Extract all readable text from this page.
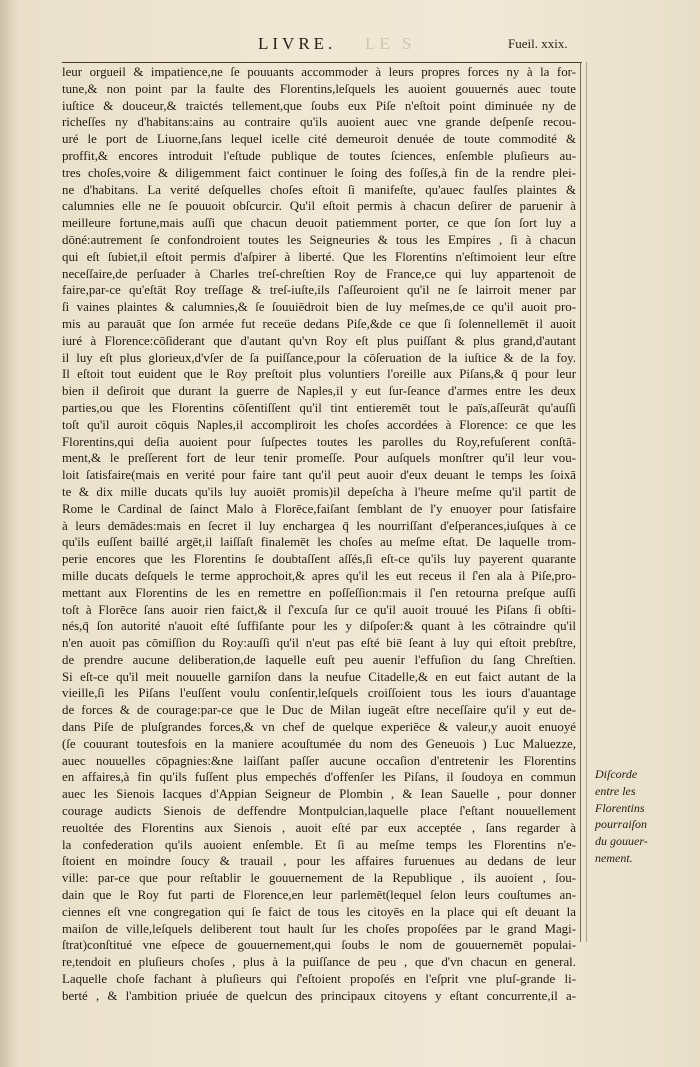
LIVRE. LE S	Fueil. xxix.
leur orgueil & impatience,ne ſe pouuants accommoder à leurs propres forces ny à la for-
tune,& non point par la faulte des Florentins,leſquels les auoient gouuernés auec toute
iuſtice & douceur,& traictés tellement,que ſoubs eux Piſe n'eſtoit point diminuée ny de
richeſſes ny d'habitans:ains au contraire qu'ils auoient auec vne grande deſpenſe recou-
uré le port de Liuorne,ſans lequel icelle cité demeuroit denuée de toute commodité &
proffit,& encores introduit l'eſtude publique de toutes ſciences, enſemble pluſieurs au-
tres choſes,voire & diligemment faict continuer le ſoing des foſſes,à fin de la rendre plei-
ne d'habitans. La verité deſquelles choſes eſtoit ſi manifeſte, qu'auec faulſes plaintes &
calumnies elle ne ſe pouuoit obſcurcir. Qu'il eſtoit permis à chacun deſirer de paruenir à
meilleure fortune,mais auſſi que chacun deuoit patiemment porter, ce que ſon ſort luy a
dōné:autrement ſe confondroient toutes les Seigneuries & tous les Empires , ſi à chacun
qui eſt ſubiet,il eſtoit permis d'aſpirer à liberté. Que les Florentins n'eſtimoient leur eſtre
neceſſaire,de perſuader à Charles treſ-chreſtien Roy de France,ce qui luy appartenoit de
faire,par-ce qu'eſtāt Roy treſſage & treſ-iuſte,ils ſ'aſſeuroient qu'il ne ſe lairroit mener par
ſi vaines plaintes & calumnies,& ſe ſouuiēdroit bien de luy meſmes,de ce qu'il auoit pro-
mis au parauāt que ſon armée fut receüe dedans Piſe,&de ce que ſi ſolennellemēt il auoit
iuré à Florence:cōſiderant que d'autant qu'vn Roy eſt plus puiſſant & plus grand,d'autant
il luy eſt plus glorieux,d'vſer de ſa puiſſance,pour la cōſeruation de la iuſtice & de la foy.
Il eſtoit tout euident que le Roy preſtoit plus voluntiers l'oreille aux Piſans,& q̄ pour leur
bien il deſiroit que durant la guerre de Naples,il y eut ſur-ſeance d'armes entre les deux
parties,ou que les Florentins cōſentiſſent qu'il tint entieremēt tout le païs,aſſeurāt qu'auſſi
toſt qu'il auroit cōquis Naples,il accompliroit les choſes accordées à Florence: ce que les
Florentins,qui deſia auoient pour ſuſpectes toutes les parolles du Roy,refuſerent conſtā-
ment,& le preſſerent fort de leur tenir promeſſe. Pour auſquels monſtrer qu'il leur vou-
loit ſatisfaire(mais en verité pour faire tant qu'il peut auoir d'eux deuant le temps les ſoixā
te & dix mille ducats qu'ils luy auoiēt promis)il depeſcha à l'heure meſme qu'il partit de
Rome le Cardinal de ſainct Malo à Florēce,faiſant ſemblant de l'y enuoyer pour ſatisfaire
à leurs demādes:mais en ſecret il luy enchargea q̄ les nourriſſant d'eſperances,iuſques à ce
qu'ils euſſent baillé argēt,il laiſſaſt finalemēt les choſes au meſme eſtat. De laquelle trom-
perie encores que les Florentins ſe doubtaſſent aſſés,ſi eſt-ce qu'ils luy payerent quarante
mille ducats deſquels le terme approchoit,& apres qu'il les eut receus il ſ'en ala à Piſe,pro-
mettant aux Florentins de les en remettre en poſſeſſion:mais il ſ'en retourna preſque auſſi
toſt à Florēce ſans auoir rien faict,& il ſ'excuſa ſur ce qu'il auoit trouué les Piſans ſi obſti-
nés,q̄ ſon autorité n'auoit eſté ſuffiſante pour les y diſpoſer:& quant à les cōtraindre qu'il
n'en auoit pas cōmiſſion du Roy:auſſi qu'il n'eut pas eſté biē ſeant à luy qui eſtoit prebſtre,
de prendre aucune deliberation,de laquelle euſt peu auenir l'effuſion du ſang Chreſtien.
Si eſt-ce qu'il meit nouuelle garniſon dans la neufue Citadelle,& en eut faict autant de la
vieille,ſi les Piſans l'euſſent voulu conſentir,leſquels croiſſoient tous les iours d'auantage
de forces & de courage:par-ce que le Duc de Milan iugeāt eſtre neceſſaire qu'il y eut de-
dans Piſe de pluſgrandes forces,& vn chef de quelque experiēce & valeur,y auoit enuoyé
(ſe couurant toutesfois en la maniere acouſtumée du nom des Geneuois ) Luc Maluezze,
auec nouuelles cōpagnies:&ne laiſſant paſſer aucune occaſion d'entretenir les Florentins
en affaires,à fin qu'ils fuſſent plus empechés d'offenſer les Piſans, il ſoudoya en commun
auec les Sienois Iacques d'Appian Seigneur de Plombin , & Iean Sauelle , pour donner
courage audicts Sienois de deffendre Montpulcian,laquelle place ſ'eſtant nouuellement
reuoltée des Florentins aux Sienois , auoit eſté par eux acceptée , ſans regarder à
la confederation qu'ils auoient enſemble. Et ſi au meſme temps les Florentins n'e-
ſtoient en moindre ſoucy & trauail , pour les affaires furuenues au dedans de leur
ville: par-ce que pour reſtablir le gouuernement de la Republique , ils auoient , ſou-
dain que le Roy fut parti de Florence,en leur parlemēt(lequel ſelon leurs couſtumes an-
ciennes eſt vne congregation qui ſe faict de tous les citoyēs en la place qui eſt deuant la
maiſon de ville,leſquels deliberent tout hault ſur les choſes propoſées par le grand Magi-
ſtrat)conſtitué vne eſpece de gouuernement,qui ſoubs le nom de gouuernemēt populai-
re,tendoit en pluſieurs choſes , plus à la puiſſance de peu , que d'vn chacun en general.
Laquelle choſe fachant à pluſieurs qui ſ'eſtoient propoſés en l'eſprit vne pluſ-grande li-
berté , & l'ambition priuée de quelcun des principaux citoyens y eſtant concurrente,il a-
Diſcorde
entre les
Florentins
pourraiſon
du gouuer-
nement.
